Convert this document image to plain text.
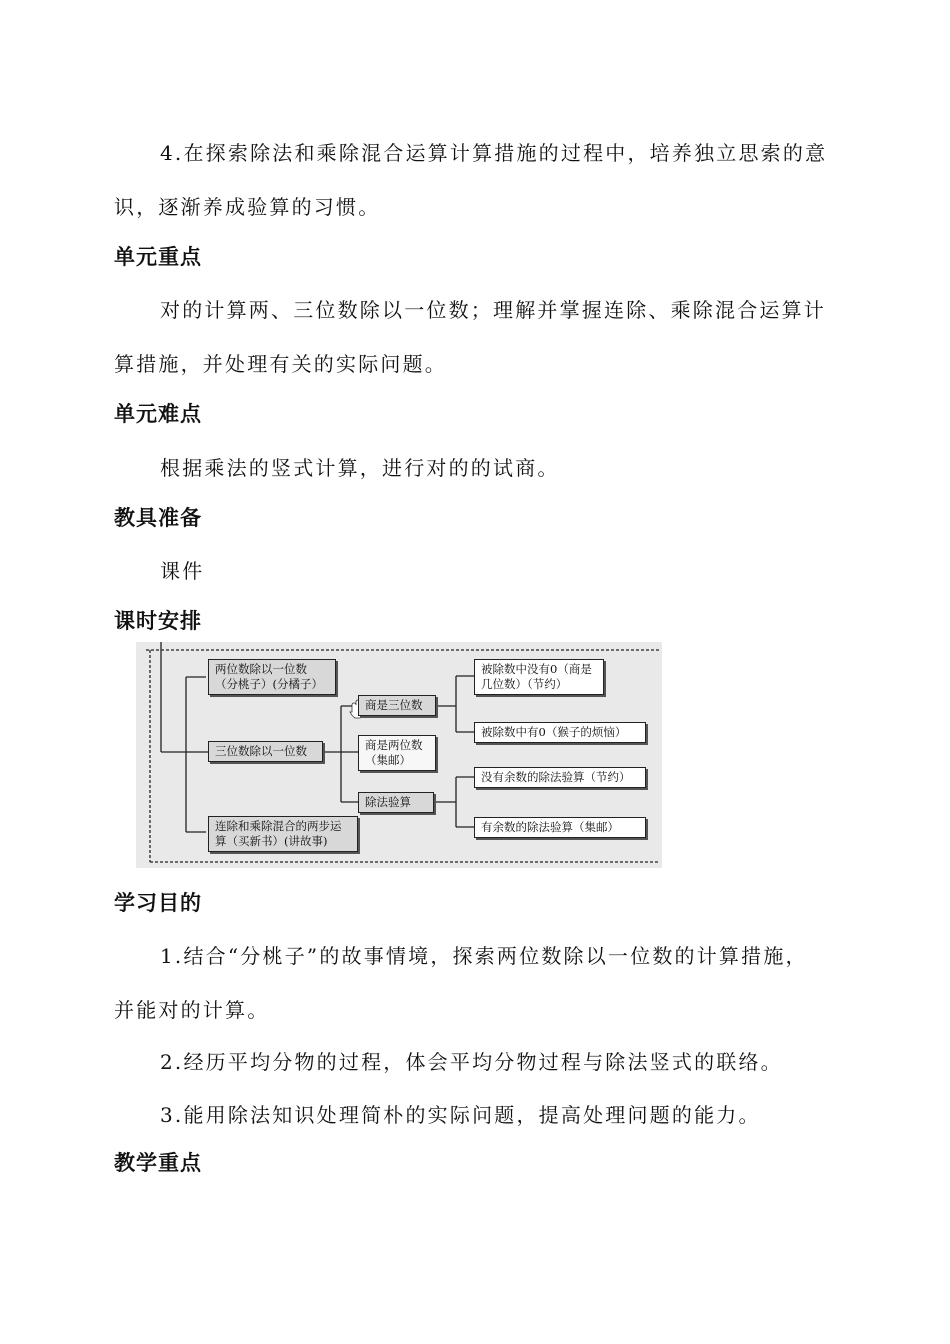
4.在探索除法和乘除混合运算计算措施的过程中，培养独立思索的意
识，逐渐养成验算的习惯。
单元重点
对的计算两、三位数除以一位数；理解并掌握连除、乘除混合运算计
算措施，并处理有关的实际问题。
单元难点
根据乘法的竖式计算，进行对的的试商。
教具准备
课件
课时安排
两位数除以一位数
（分桃子）(分橘子）
三位数除以一位数
连除和乘除混合的两步运
算（买新书）(讲故事)
商是三位数
商是两位数
（集邮）
除法验算
被除数中没有0（商是
几位数）（节约）
被除数中有0（猴子的烦恼）
没有余数的除法验算（节约）
有余数的除法验算（集邮）
学习目的
1.结合“分桃子”的故事情境，探索两位数除以一位数的计算措施，
并能对的计算。
2.经历平均分物的过程，体会平均分物过程与除法竖式的联络。
3.能用除法知识处理简朴的实际问题，提高处理问题的能力。
教学重点
